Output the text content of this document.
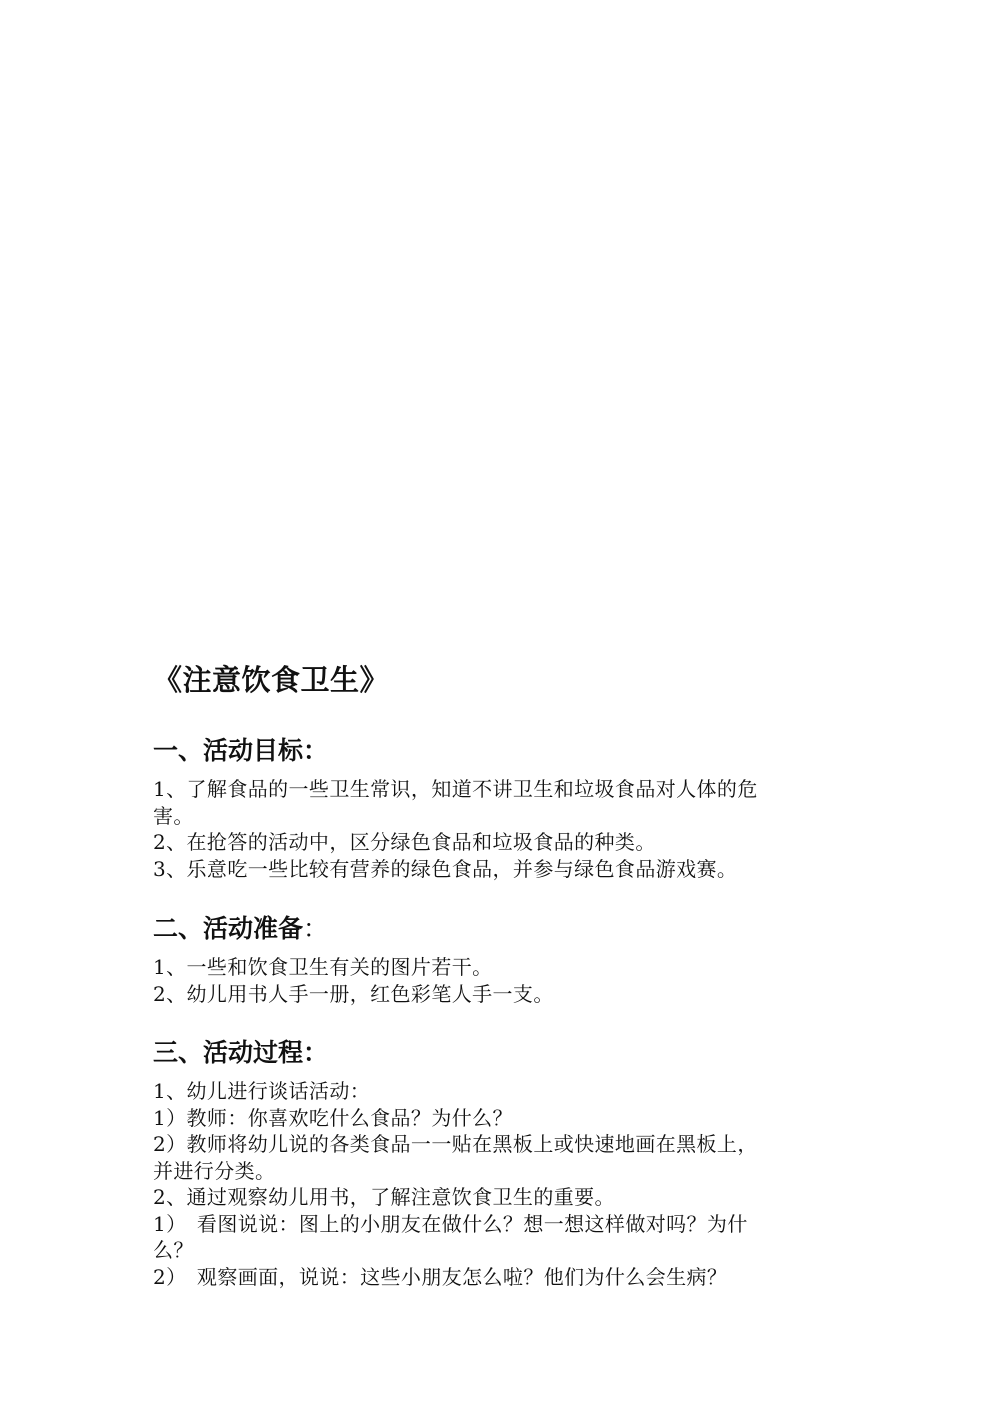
《注意饮食卫生》
一、活动目标：
1、了解食品的一些卫生常识，知道不讲卫生和垃圾食品对人体的危
害。
2、在抢答的活动中，区分绿色食品和垃圾食品的种类。
3、乐意吃一些比较有营养的绿色食品，并参与绿色食品游戏赛。
二、活动准备：
1、一些和饮食卫生有关的图片若干。
2、幼儿用书人手一册，红色彩笔人手一支。
三、活动过程：
1、幼儿进行谈话活动：
1）教师：你喜欢吃什么食品？为什么？
2）教师将幼儿说的各类食品一一贴在黑板上或快速地画在黑板上，
并进行分类。
2、通过观察幼儿用书，了解注意饮食卫生的重要。
1）　看图说说：图上的小朋友在做什么？想一想这样做对吗？为什
么？
2）　观察画面，说说：这些小朋友怎么啦？他们为什么会生病？
